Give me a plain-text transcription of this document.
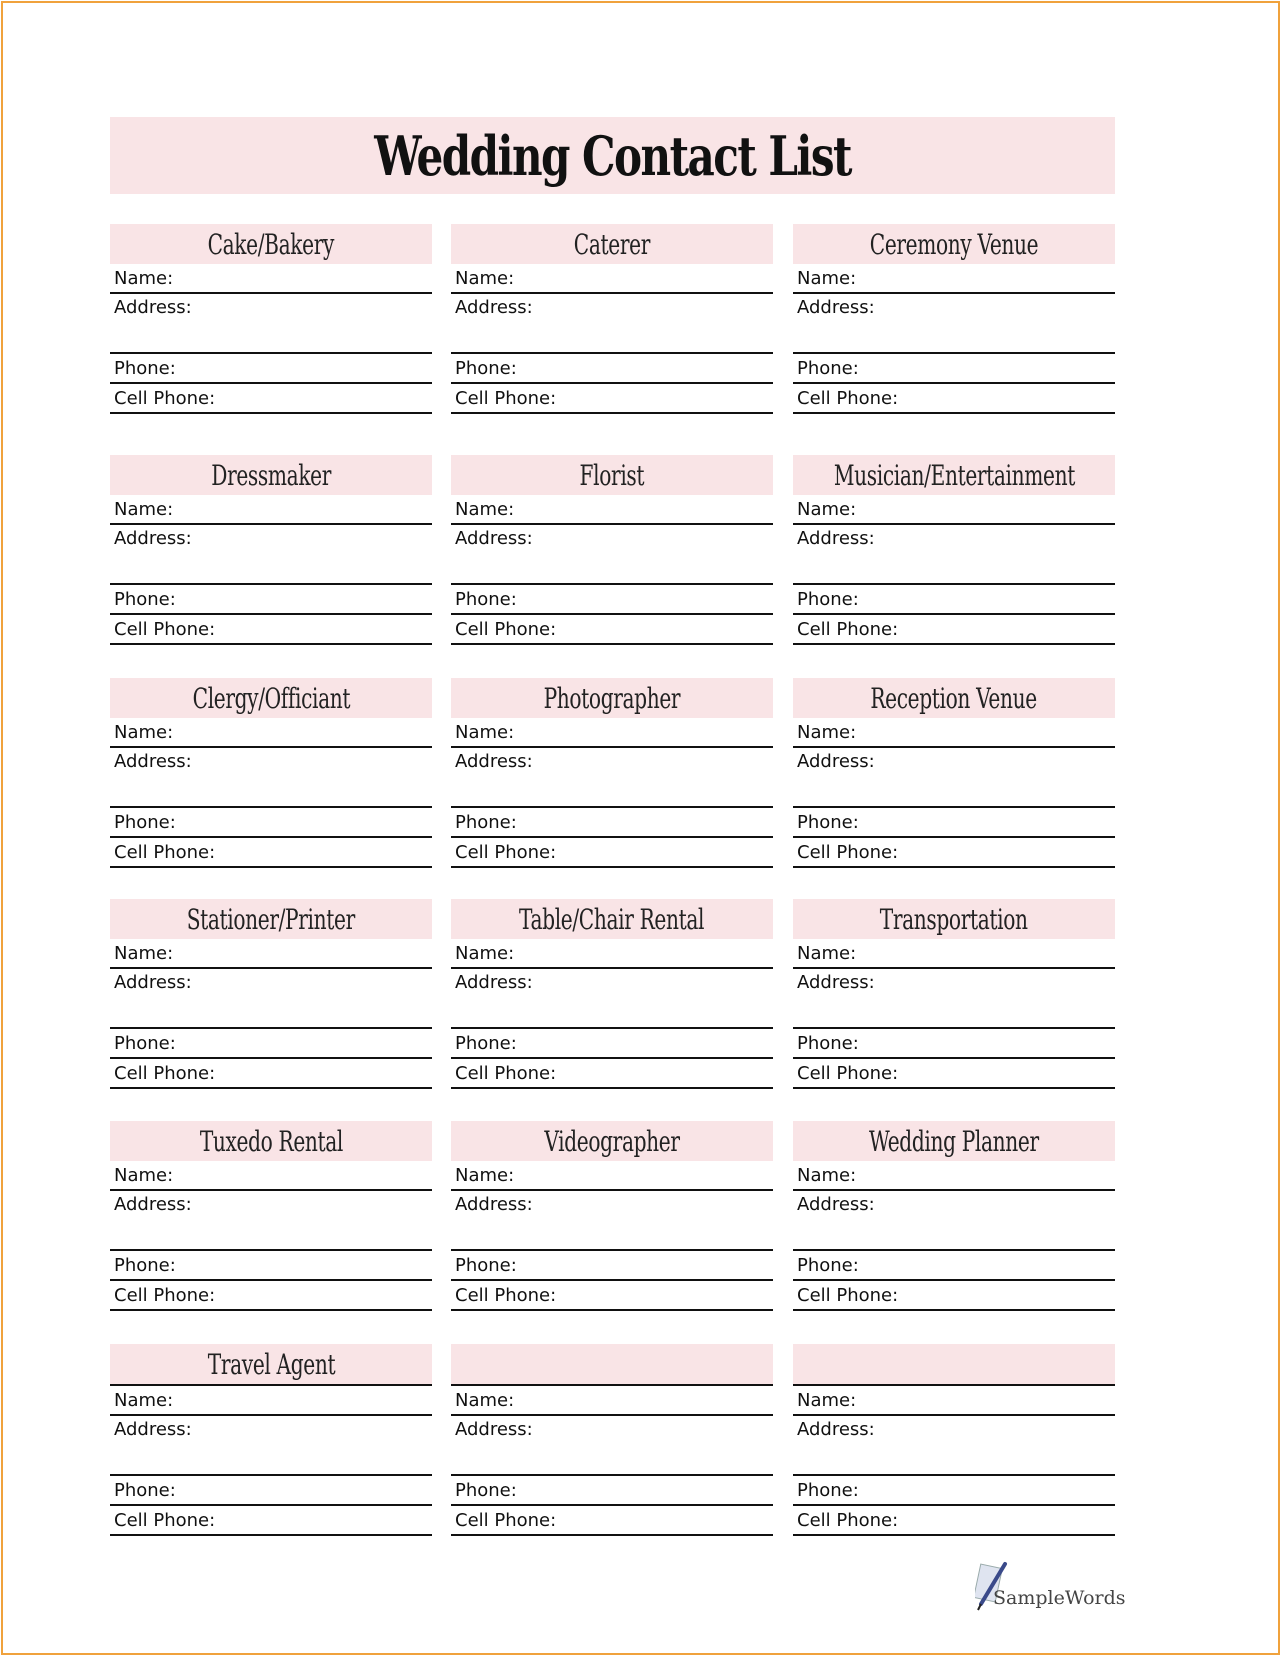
Wedding Contact List
Cake/Bakery
Name:
Address:
Phone:
Cell Phone:
Caterer
Name:
Address:
Phone:
Cell Phone:
Ceremony Venue
Name:
Address:
Phone:
Cell Phone:
Dressmaker
Name:
Address:
Phone:
Cell Phone:
Florist
Name:
Address:
Phone:
Cell Phone:
Musician/Entertainment
Name:
Address:
Phone:
Cell Phone:
Clergy/Officiant
Name:
Address:
Phone:
Cell Phone:
Photographer
Name:
Address:
Phone:
Cell Phone:
Reception Venue
Name:
Address:
Phone:
Cell Phone:
Stationer/Printer
Name:
Address:
Phone:
Cell Phone:
Table/Chair Rental
Name:
Address:
Phone:
Cell Phone:
Transportation
Name:
Address:
Phone:
Cell Phone:
Tuxedo Rental
Name:
Address:
Phone:
Cell Phone:
Videographer
Name:
Address:
Phone:
Cell Phone:
Wedding Planner
Name:
Address:
Phone:
Cell Phone:
Travel Agent
Name:
Address:
Phone:
Cell Phone:
Name:
Address:
Phone:
Cell Phone:
Name:
Address:
Phone:
Cell Phone:
SampleWords
